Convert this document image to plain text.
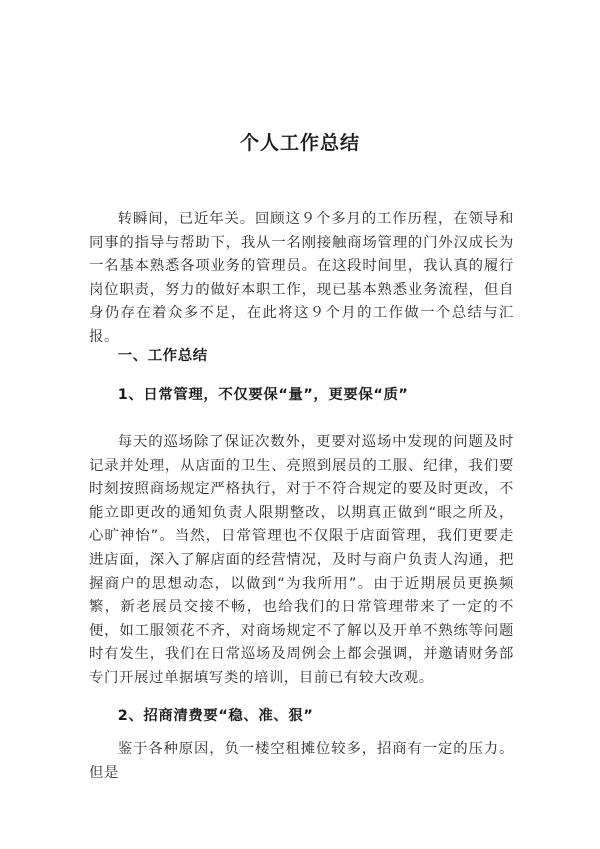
个人工作总结

转瞬间，已近年关。回顾这９个多月的工作历程，在领导和同事的指导与帮助下，我从一名刚接触商场管理的门外汉成长为一名基本熟悉各项业务的管理员。在这段时间里，我认真的履行岗位职责，努力的做好本职工作，现已基本熟悉业务流程，但自身仍存在着众多不足，在此将这９个月的工作做一个总结与汇报。

一、工作总结

1、日常管理，不仅要保“量”，更要保“质”

每天的巡场除了保证次数外，更要对巡场中发现的问题及时记录并处理，从店面的卫生、亮照到展员的工服、纪律，我们要时刻按照商场规定严格执行，对于不符合规定的要及时更改，不能立即更改的通知负责人限期整改，以期真正做到“眼之所及，心旷神怡”。当然，日常管理也不仅限于店面管理，我们更要走进店面，深入了解店面的经营情况，及时与商户负责人沟通，把握商户的思想动态，以做到“为我所用”。由于近期展员更换频繁，新老展员交接不畅，也给我们的日常管理带来了一定的不便，如工服领花不齐，对商场规定不了解以及开单不熟练等问题时有发生，我们在日常巡场及周例会上都会强调，并邀请财务部专门开展过单据填写类的培训，目前已有较大改观。

2、招商清费要“稳、准、狠”

鉴于各种原因，负一楼空租摊位较多，招商有一定的压力。但是
